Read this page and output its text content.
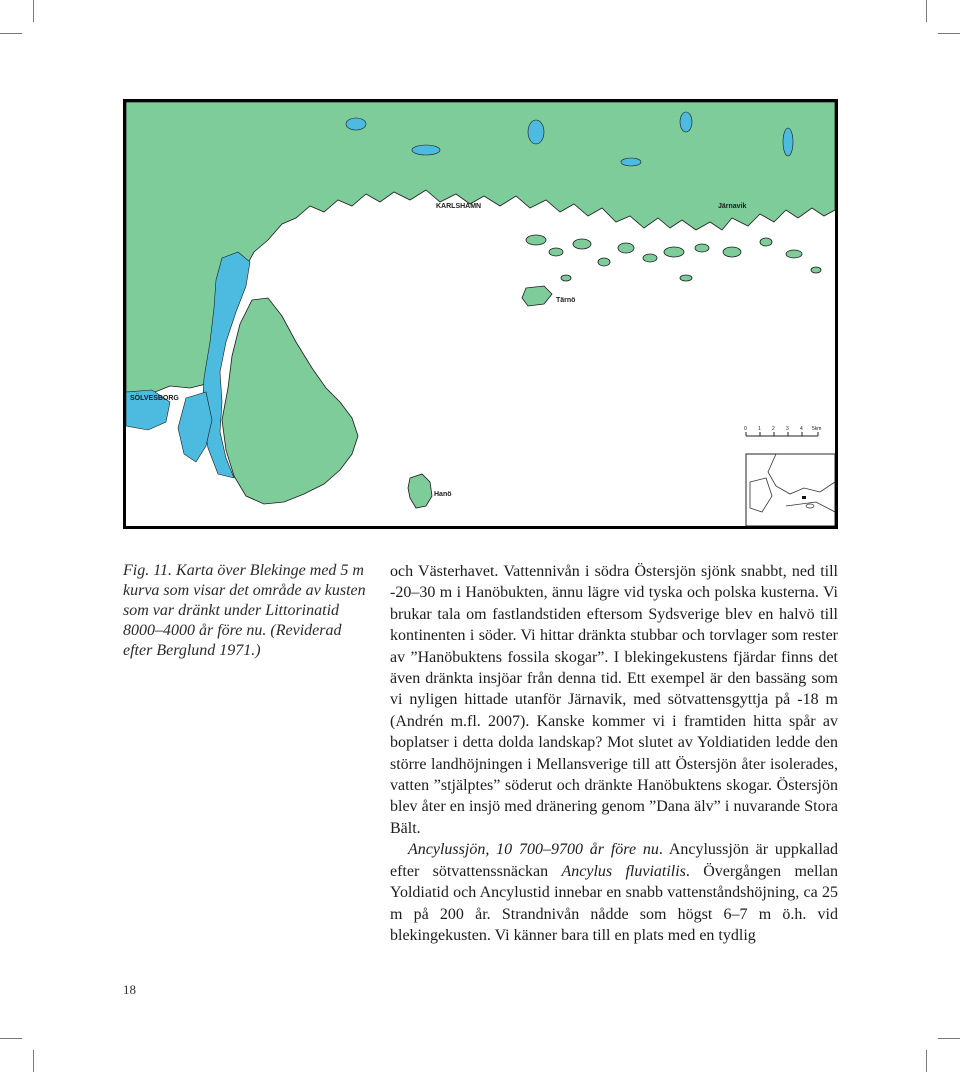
KARLSHAMN	Järnavik
Tärnö
SÖLVESBORG
Hanö
0 1 2 3 4 5km
Fig. 11. Karta över Blekinge med 5 m kurva som visar det område av kusten som var dränkt under Littorinatid 8000–4000 år före nu. (Reviderad efter Berglund 1971.)

och Västerhavet. Vattennivån i södra Östersjön sjönk snabbt, ned till -20–30 m i Hanöbukten, ännu lägre vid tyska och polska kusterna. Vi brukar tala om fastlandstiden eftersom Sydsverige blev en halvö till kontinenten i söder. Vi hittar dränkta stubbar och torvlager som rester av ”Hanöbuktens fossila skogar”. I blekingekustens fjärdar finns det även dränkta insjöar från denna tid. Ett exempel är den bassäng som vi nyligen hittade utanför Järnavik, med sötvattensgyttja på -18 m (Andrén m.fl. 2007). Kanske kommer vi i framtiden hitta spår av boplatser i detta dolda landskap? Mot slutet av Yoldiatiden ledde den större landhöjningen i Mellansverige till att Östersjön åter isolerades, vatten ”stjälptes” söderut och dränkte Hanöbuktens skogar. Östersjön blev åter en insjö med dränering genom ”Dana älv” i nuvarande Stora Bält.

Ancylussjön, 10 700–9700 år före nu. Ancylussjön är uppkallad efter sötvattenssnäckan Ancylus fluviatilis. Övergången mellan Yoldiatid och Ancylustid innebar en snabb vattenståndshöjning, ca 25 m på 200 år. Strandnivån nådde som högst 6–7 m ö.h. vid blekingekusten. Vi känner bara till en plats med en tydlig

18
